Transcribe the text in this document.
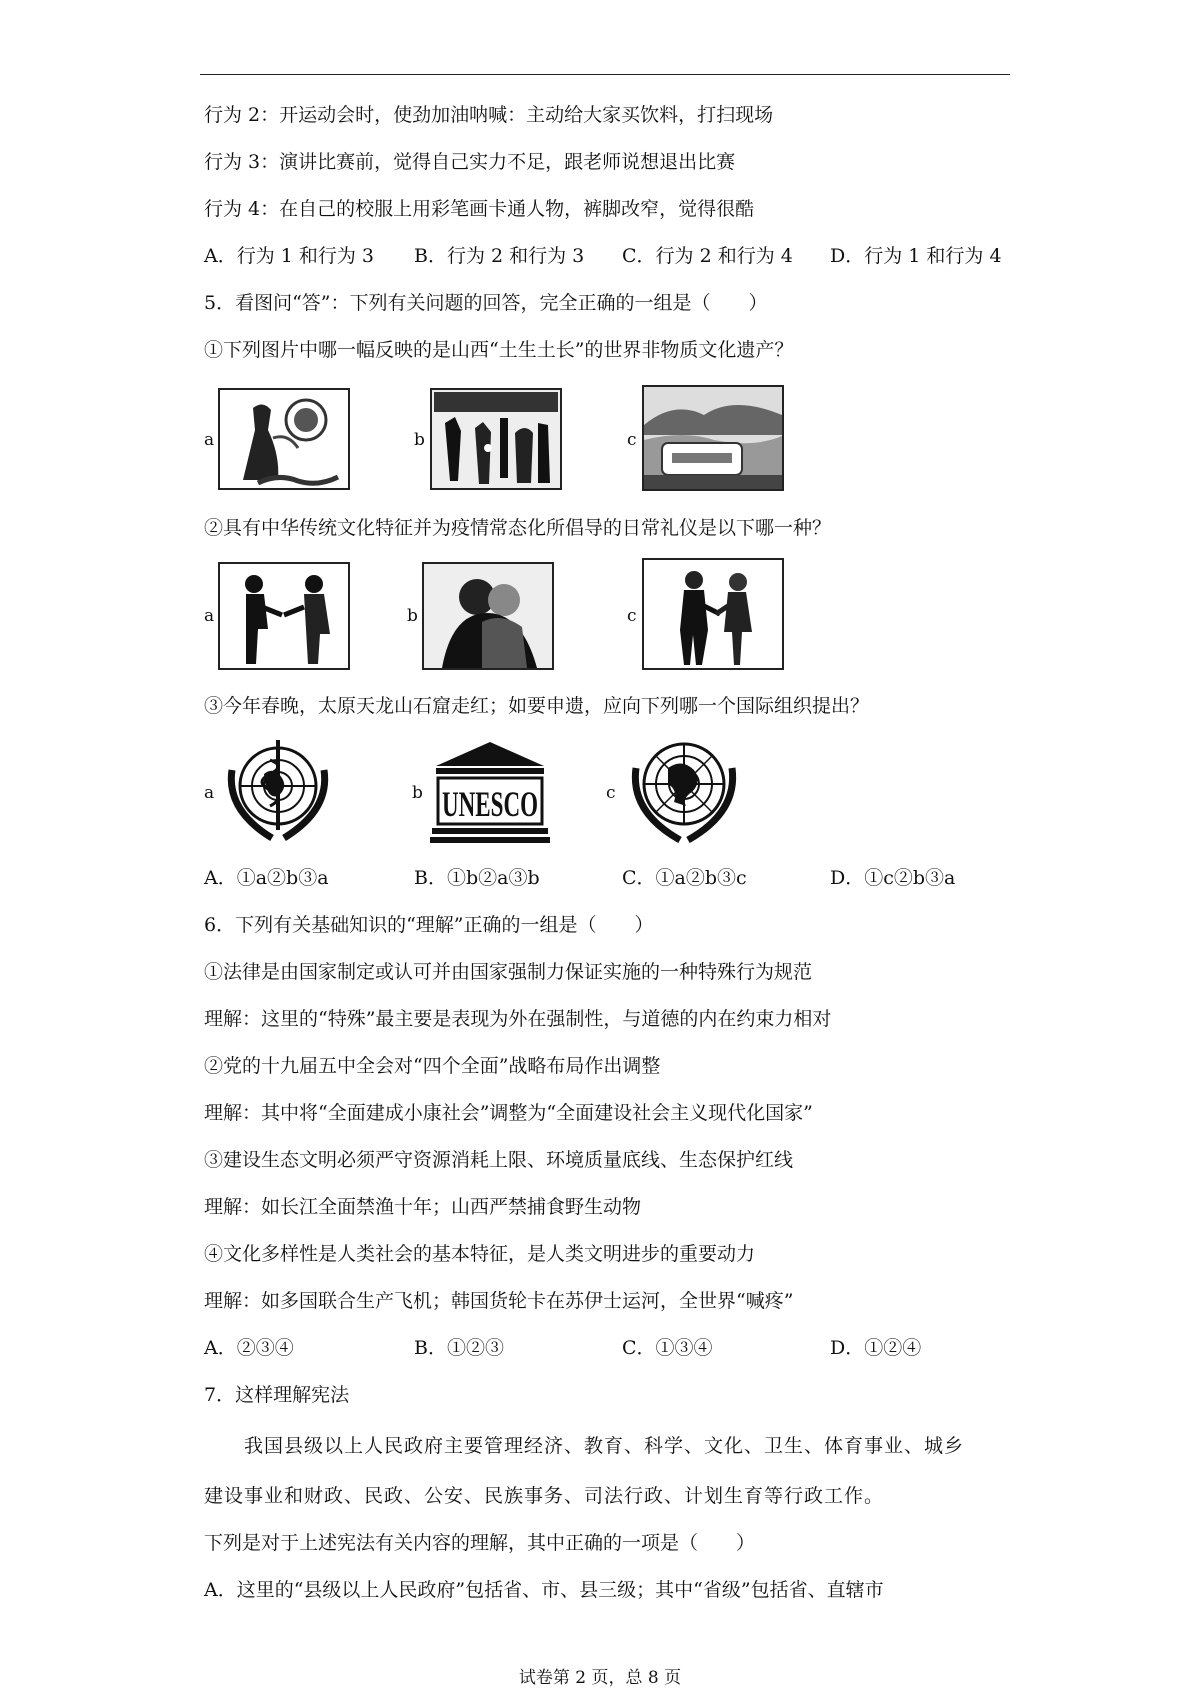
行为 2：开运动会时，使劲加油呐喊：主动给大家买饮料，打扫现场
行为 3：演讲比赛前，觉得自己实力不足，跟老师说想退出比赛
行为 4：在自己的校服上用彩笔画卡通人物，裤脚改窄，觉得很酷
A．行为 1 和行为 3 B．行为 2 和行为 3 C．行为 2 和行为 4 D．行为 1 和行为 4
5．看图问“答”：下列有关问题的回答，完全正确的一组是（　　）
①下列图片中哪一幅反映的是山西“土生土长”的世界非物质文化遗产？
a	b	c
②具有中华传统文化特征并为疫情常态化所倡导的日常礼仪是以下哪一种？
a	b	c
③今年春晚，太原天龙山石窟走红；如要申遗，应向下列哪一个国际组织提出？
a	b UNESCO	c
A．①a②b③a	B．①b②a③b	C．①a②b③c	D．①c②b③a
6．下列有关基础知识的“理解”正确的一组是（　　）
①法律是由国家制定或认可并由国家强制力保证实施的一种特殊行为规范
理解：这里的“特殊”最主要是表现为外在强制性，与道德的内在约束力相对
②党的十九届五中全会对“四个全面”战略布局作出调整
理解：其中将“全面建成小康社会”调整为“全面建设社会主义现代化国家”
③建设生态文明必须严守资源消耗上限、环境质量底线、生态保护红线
理解：如长江全面禁渔十年；山西严禁捕食野生动物
④文化多样性是人类社会的基本特征，是人类文明进步的重要动力
理解：如多国联合生产飞机；韩国货轮卡在苏伊士运河，全世界“喊疼”
A．②③④	B．①②③	C．①③④	D．①②④
7．这样理解宪法
我国县级以上人民政府主要管理经济、教育、科学、文化、卫生、体育事业、城乡
建设事业和财政、民政、公安、民族事务、司法行政、计划生育等行政工作。
下列是对于上述宪法有关内容的理解，其中正确的一项是（　　）
A．这里的“县级以上人民政府”包括省、市、县三级；其中“省级”包括省、直辖市
试卷第 2 页，总 8 页
